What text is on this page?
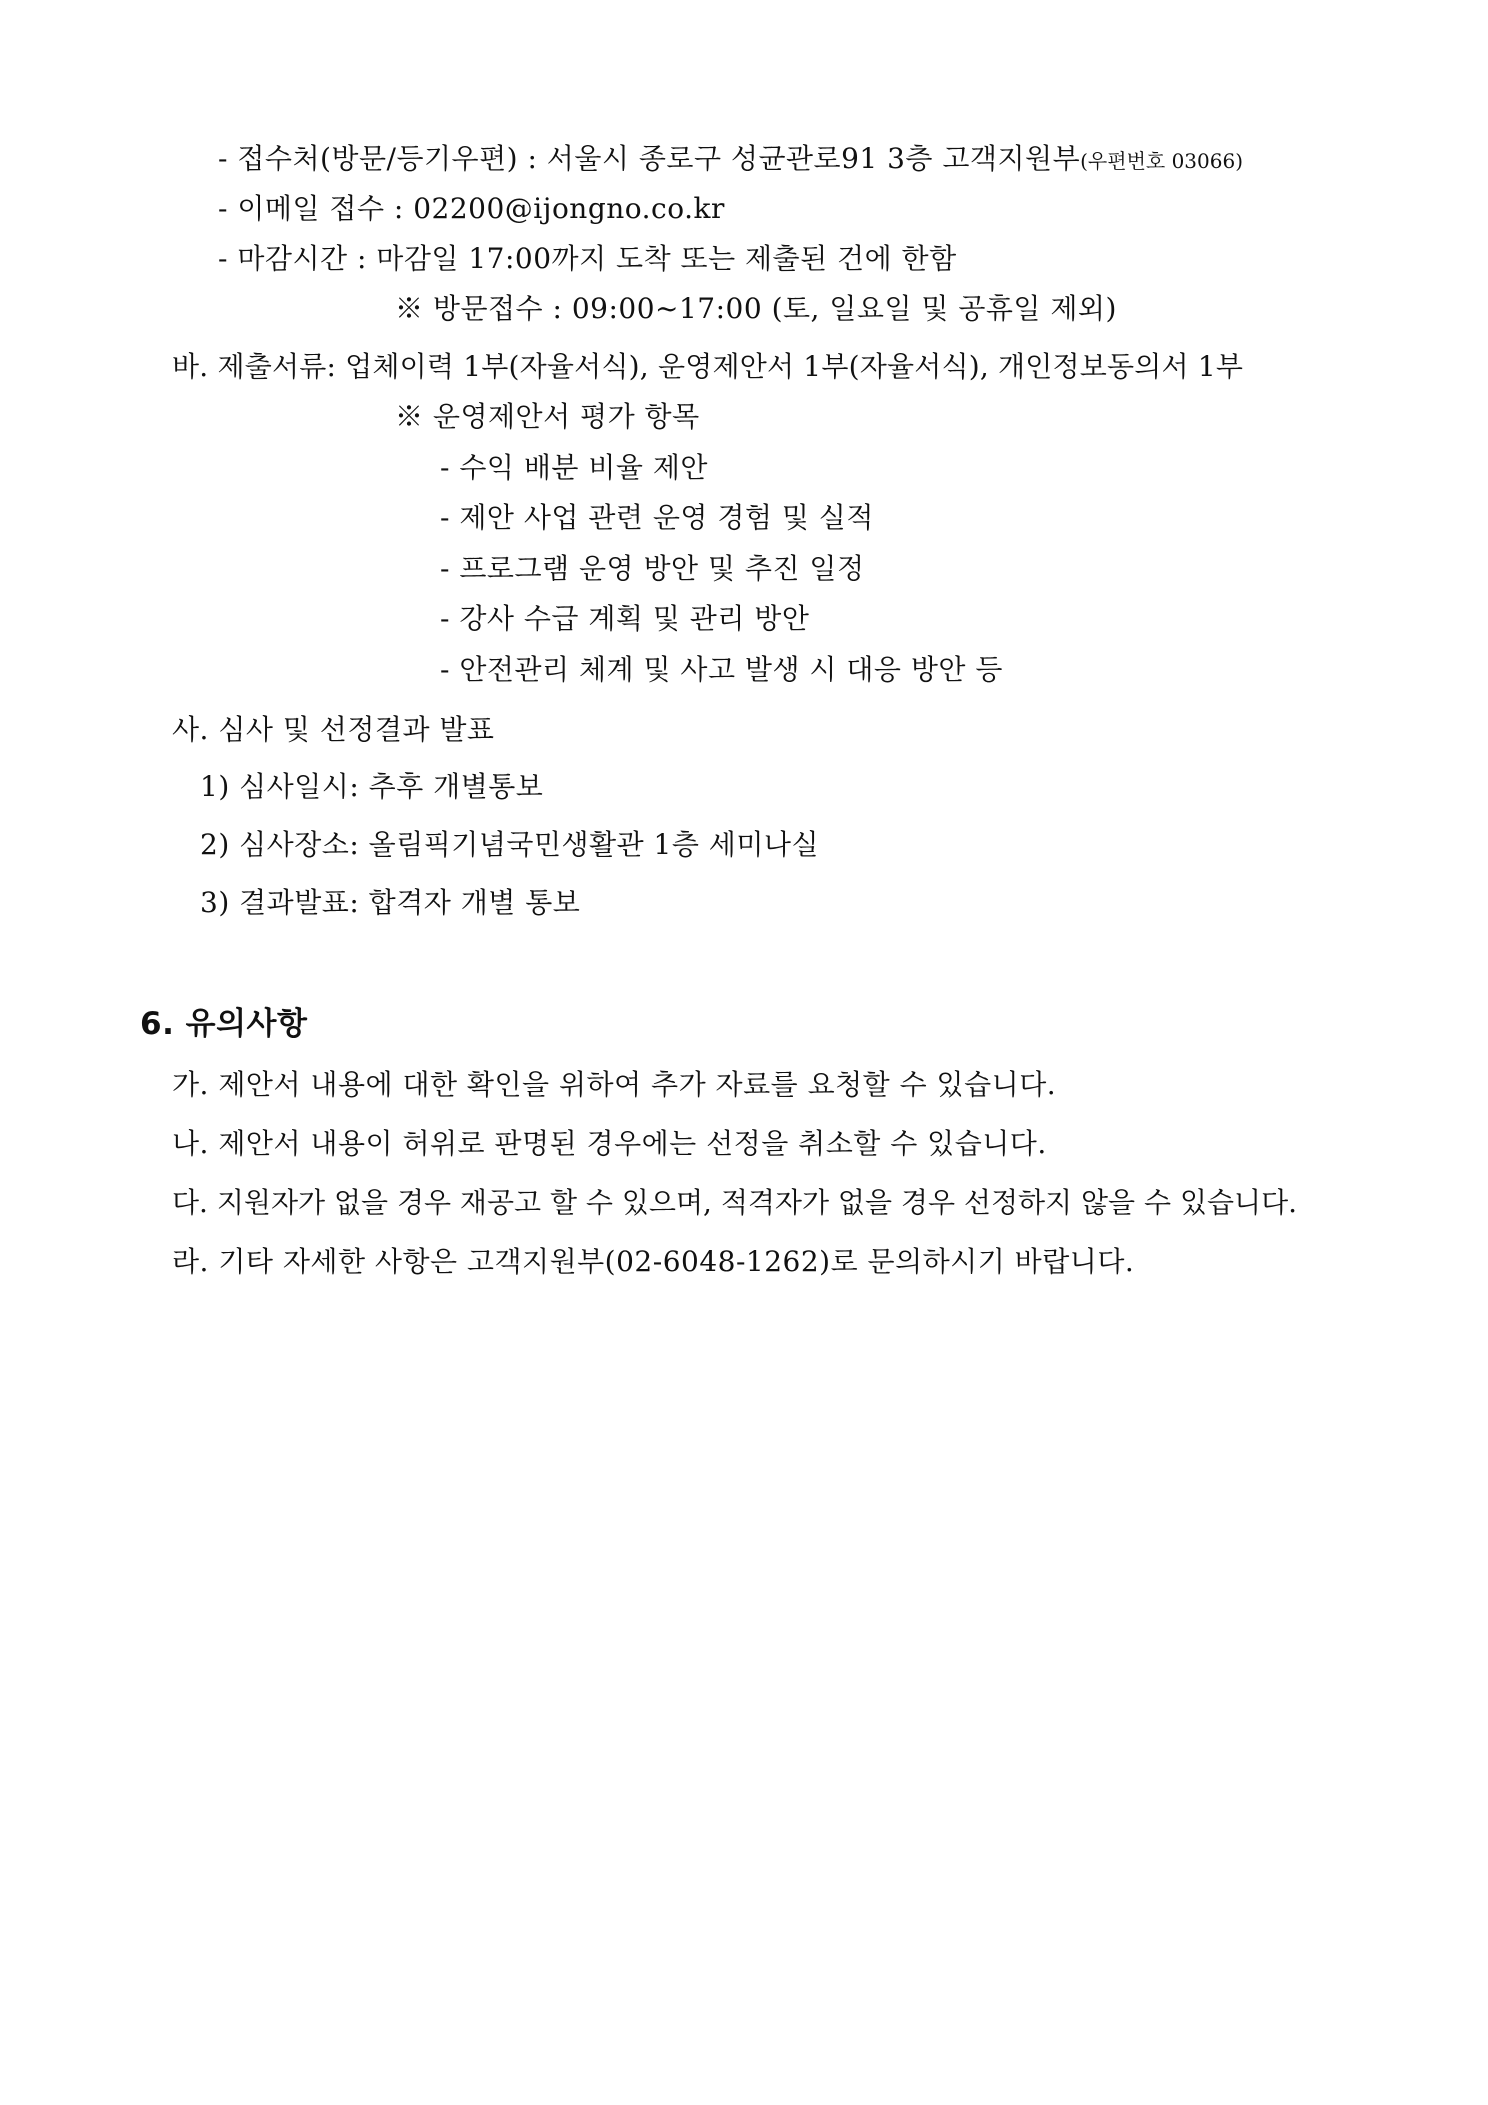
- 접수처(방문/등기우편) : 서울시 종로구 성균관로91 3층 고객지원부(우편번호 03066)
- 이메일 접수 : 02200@ijongno.co.kr
- 마감시간 : 마감일 17:00까지 도착 또는 제출된 건에 한함
※ 방문접수 : 09:00~17:00 (토, 일요일 및 공휴일 제외)
바. 제출서류: 업체이력 1부(자율서식), 운영제안서 1부(자율서식), 개인정보동의서 1부
※ 운영제안서 평가 항목
- 수익 배분 비율 제안
- 제안 사업 관련 운영 경험 및 실적
- 프로그램 운영 방안 및 추진 일정
- 강사 수급 계획 및 관리 방안
- 안전관리 체계 및 사고 발생 시 대응 방안 등
사. 심사 및 선정결과 발표
1) 심사일시: 추후 개별통보
2) 심사장소: 올림픽기념국민생활관 1층 세미나실
3) 결과발표: 합격자 개별 통보
6. 유의사항
가. 제안서 내용에 대한 확인을 위하여 추가 자료를 요청할 수 있습니다.
나. 제안서 내용이 허위로 판명된 경우에는 선정을 취소할 수 있습니다.
다. 지원자가 없을 경우 재공고 할 수 있으며, 적격자가 없을 경우 선정하지 않을 수 있습니다.
라. 기타 자세한 사항은 고객지원부(02-6048-1262)로 문의하시기 바랍니다.
